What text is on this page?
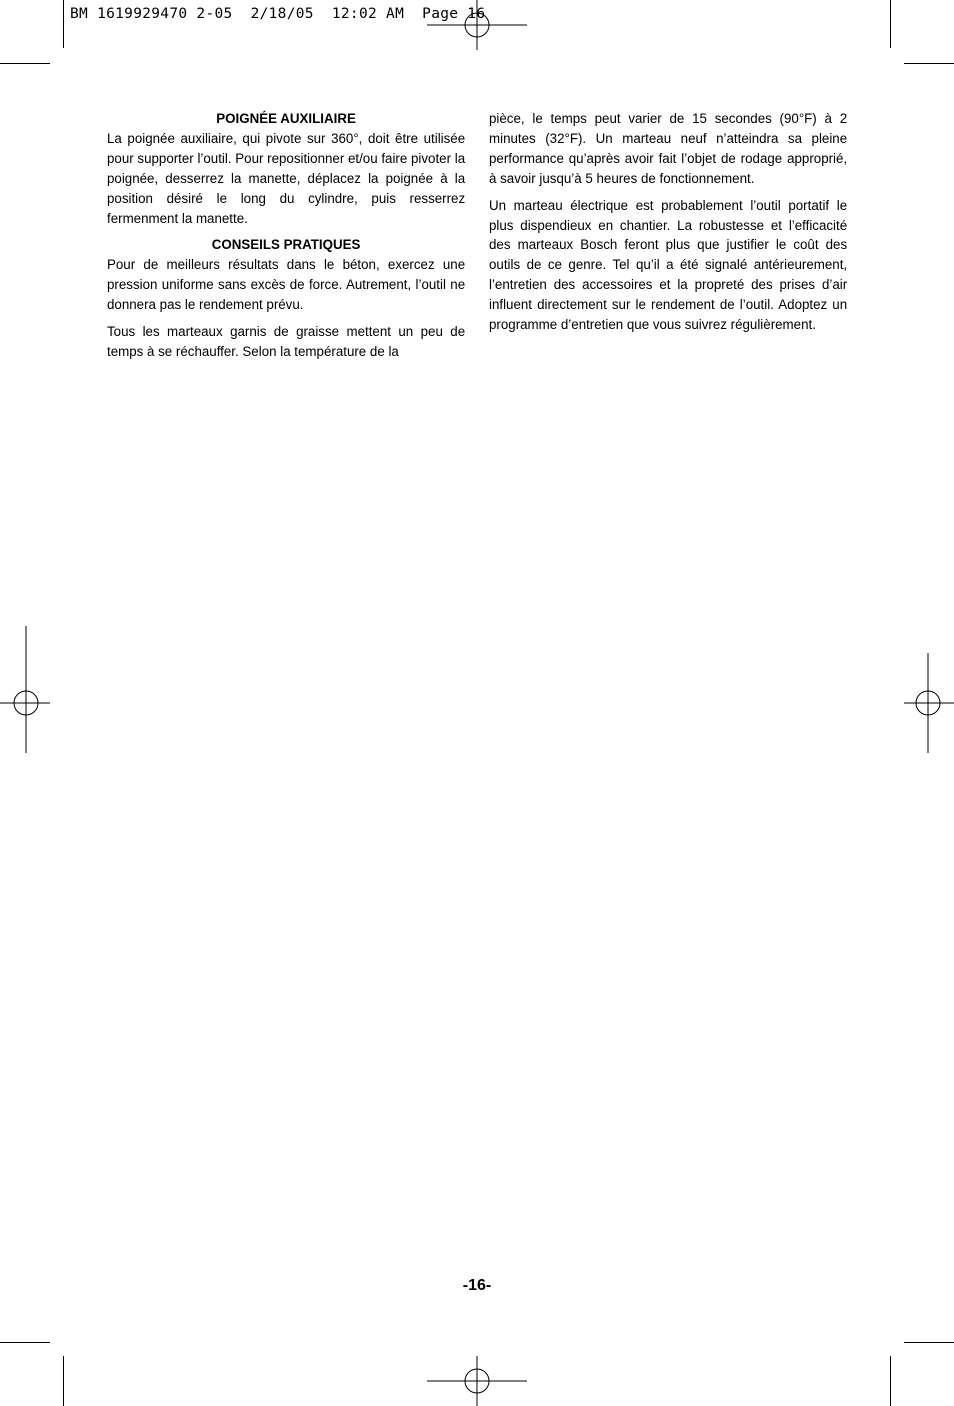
BM 1619929470 2-05  2/18/05  12:02 AM  Page 16
POIGNÉE AUXILIAIRE

La poignée auxiliaire, qui pivote sur 360°, doit être utilisée pour supporter l’outil. Pour repositionner et/ou faire pivoter la poignée, desserrez la manette, déplacez la poignée à la position désiré le long du cylindre, puis resserrez fermenment la manette.

CONSEILS PRATIQUES

Pour de meilleurs résultats dans le béton, exercez une pression uniforme sans excès de force. Autrement, l’outil ne donnera pas le rendement prévu.

Tous les marteaux garnis de graisse mettent un peu de temps à se réchauffer. Selon la température de la

pièce, le temps peut varier de 15 secondes (90°F) à 2 minutes (32°F). Un marteau neuf n’atteindra sa pleine performance qu’après avoir fait l’objet de rodage approprié, à savoir jusqu’à 5 heures de fonctionnement.

Un marteau électrique est probablement l’outil portatif le plus dispendieux en chantier. La robustesse et l’efficacité des marteaux Bosch feront plus que justifier le coût des outils de ce genre. Tel qu’il a été signalé antérieurement, l’entretien des accessoires et la propreté des prises d’air influent directement sur le rendement de l’outil. Adoptez un programme d’entretien que vous suivrez régulièrement.

-16-
